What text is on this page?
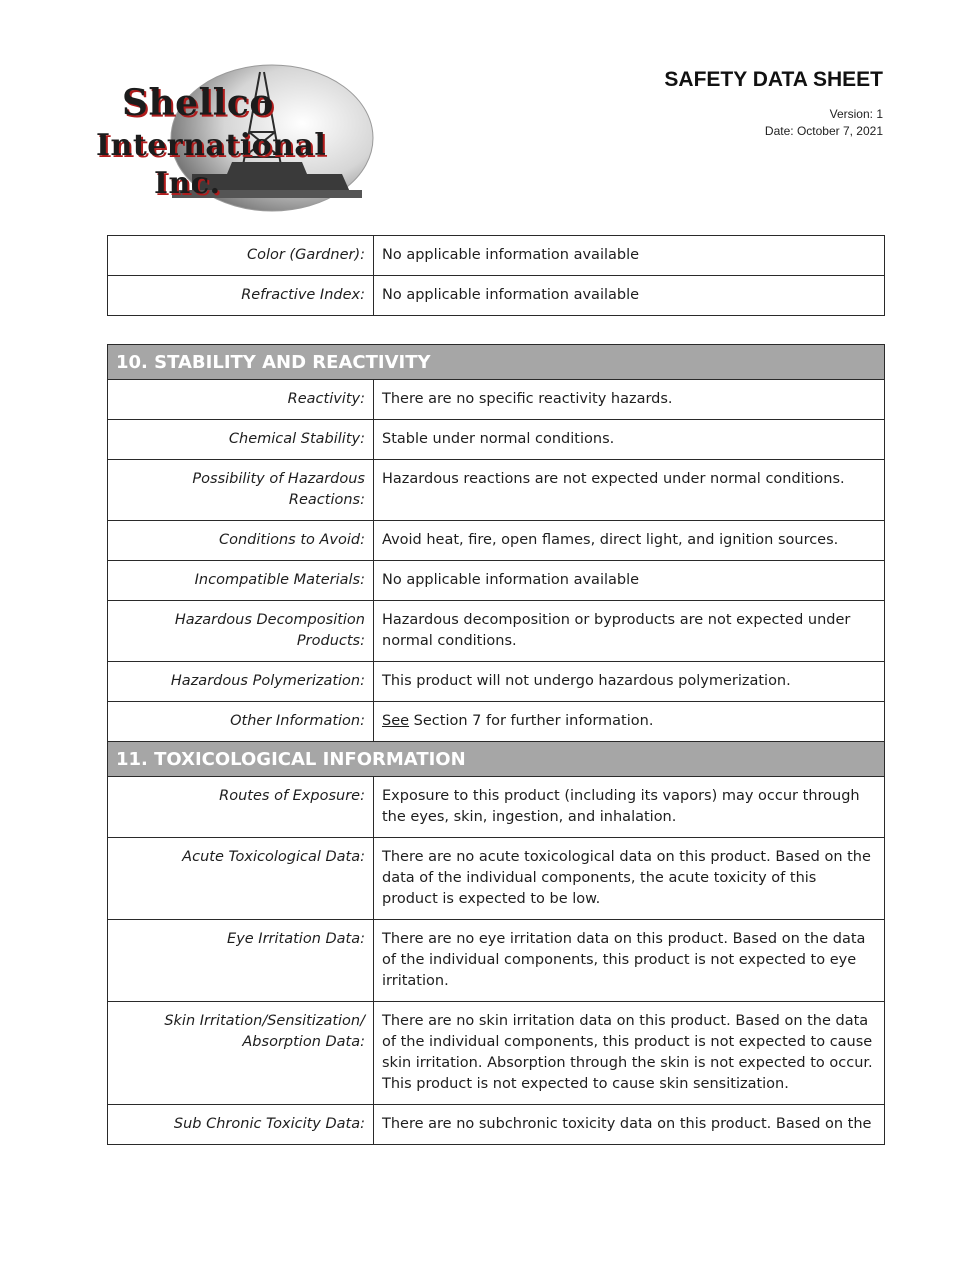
Shellco
International
Inc.
SAFETY DATA SHEET
Version: 1
Date: October 7, 2021
Color (Gardner):	No applicable information available
Refractive Index:	No applicable information available
10. STABILITY AND REACTIVITY	
Reactivity:	There are no specific reactivity hazards.
Chemical Stability:	Stable under normal conditions.
Possibility of Hazardous Reactions:	Hazardous reactions are not expected under normal conditions.
Conditions to Avoid:	Avoid heat, fire, open flames, direct light, and ignition sources.
Incompatible Materials:	No applicable information available
Hazardous Decomposition Products:	Hazardous decomposition or byproducts are not expected under normal conditions.
Hazardous Polymerization:	This product will not undergo hazardous polymerization.
Other Information:	See Section 7 for further information.
11. TOXICOLOGICAL INFORMATION	
Routes of Exposure:	Exposure to this product (including its vapors) may occur through the eyes, skin, ingestion, and inhalation.
Acute Toxicological Data:	There are no acute toxicological data on this product. Based on the data of the individual components, the acute toxicity of this product is expected to be low.
Eye Irritation Data:	There are no eye irritation data on this product. Based on the data of the individual components, this product is not expected to eye irritation.
Skin Irritation/Sensitization/ Absorption Data:	There are no skin irritation data on this product. Based on the data of the individual components, this product is not expected to cause skin irritation. Absorption through the skin is not expected to occur. This product is not expected to cause skin sensitization.
Sub Chronic Toxicity Data:	There are no subchronic toxicity data on this product. Based on the
